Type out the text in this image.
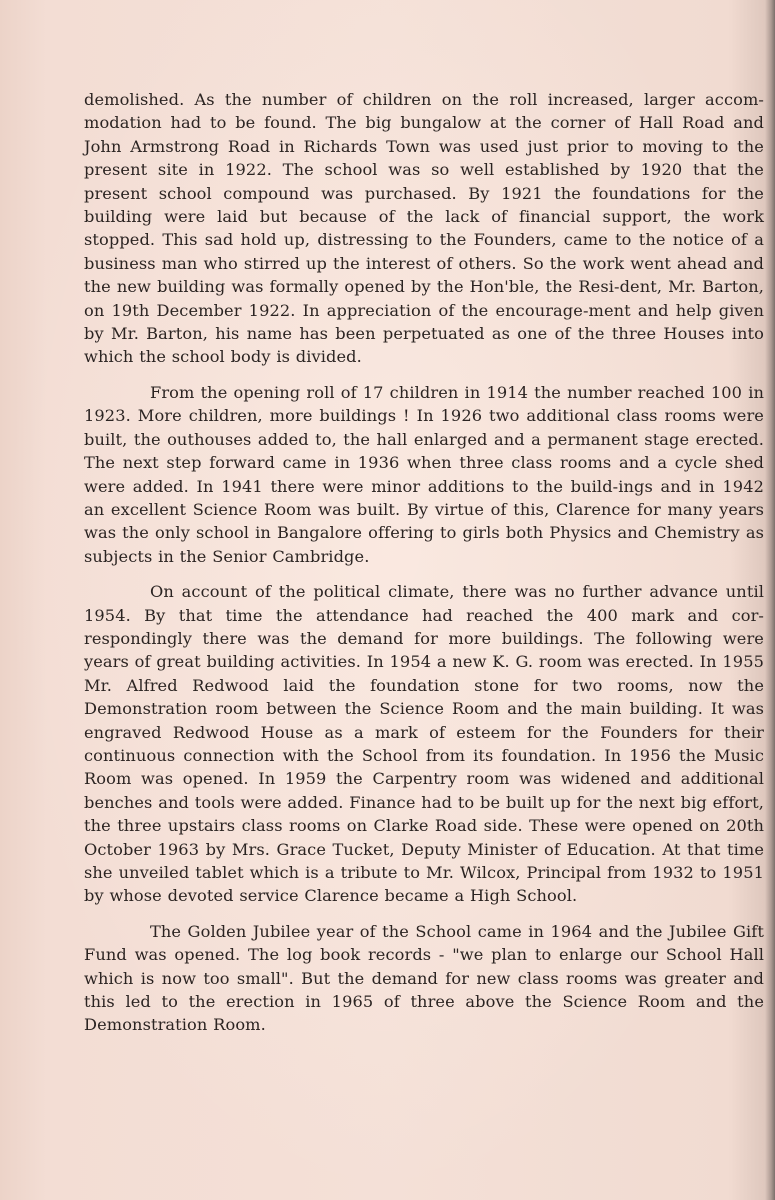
demolished. As the number of children on the roll increased, larger accom-modation had to be found. The big bungalow at the corner of Hall Road and John Armstrong Road in Richards Town was used just prior to moving to the present site in 1922. The school was so well established by 1920 that the present school compound was purchased. By 1921 the foundations for the building were laid but because of the lack of financial support, the work stopped. This sad hold up, distressing to the Founders, came to the notice of a business man who stirred up the interest of others. So the work went ahead and the new building was formally opened by the Hon'ble, the Resi-dent, Mr. Barton, on 19th December 1922. In appreciation of the encourage-ment and help given by Mr. Barton, his name has been perpetuated as one of the three Houses into which the school body is divided.

From the opening roll of 17 children in 1914 the number reached 100 in 1923. More children, more buildings ! In 1926 two additional class rooms were built, the outhouses added to, the hall enlarged and a permanent stage erected. The next step forward came in 1936 when three class rooms and a cycle shed were added. In 1941 there were minor additions to the build-ings and in 1942 an excellent Science Room was built. By virtue of this, Clarence for many years was the only school in Bangalore offering to girls both Physics and Chemistry as subjects in the Senior Cambridge.

On account of the political climate, there was no further advance until 1954. By that time the attendance had reached the 400 mark and cor-respondingly there was the demand for more buildings. The following were years of great building activities. In 1954 a new K. G. room was erected. In 1955 Mr. Alfred Redwood laid the foundation stone for two rooms, now the Demonstration room between the Science Room and the main building. It was engraved Redwood House as a mark of esteem for the Founders for their continuous connection with the School from its foundation. In 1956 the Music Room was opened. In 1959 the Carpentry room was widened and additional benches and tools were added. Finance had to be built up for the next big effort, the three upstairs class rooms on Clarke Road side. These were opened on 20th October 1963 by Mrs. Grace Tucket, Deputy Minister of Education. At that time she unveiled tablet which is a tribute to Mr. Wilcox, Principal from 1932 to 1951 by whose devoted service Clarence became a High School.

The Golden Jubilee year of the School came in 1964 and the Jubilee Gift Fund was opened. The log book records - "we plan to enlarge our School Hall which is now too small". But the demand for new class rooms was greater and this led to the erection in 1965 of three above the Science Room and the Demonstration Room.
